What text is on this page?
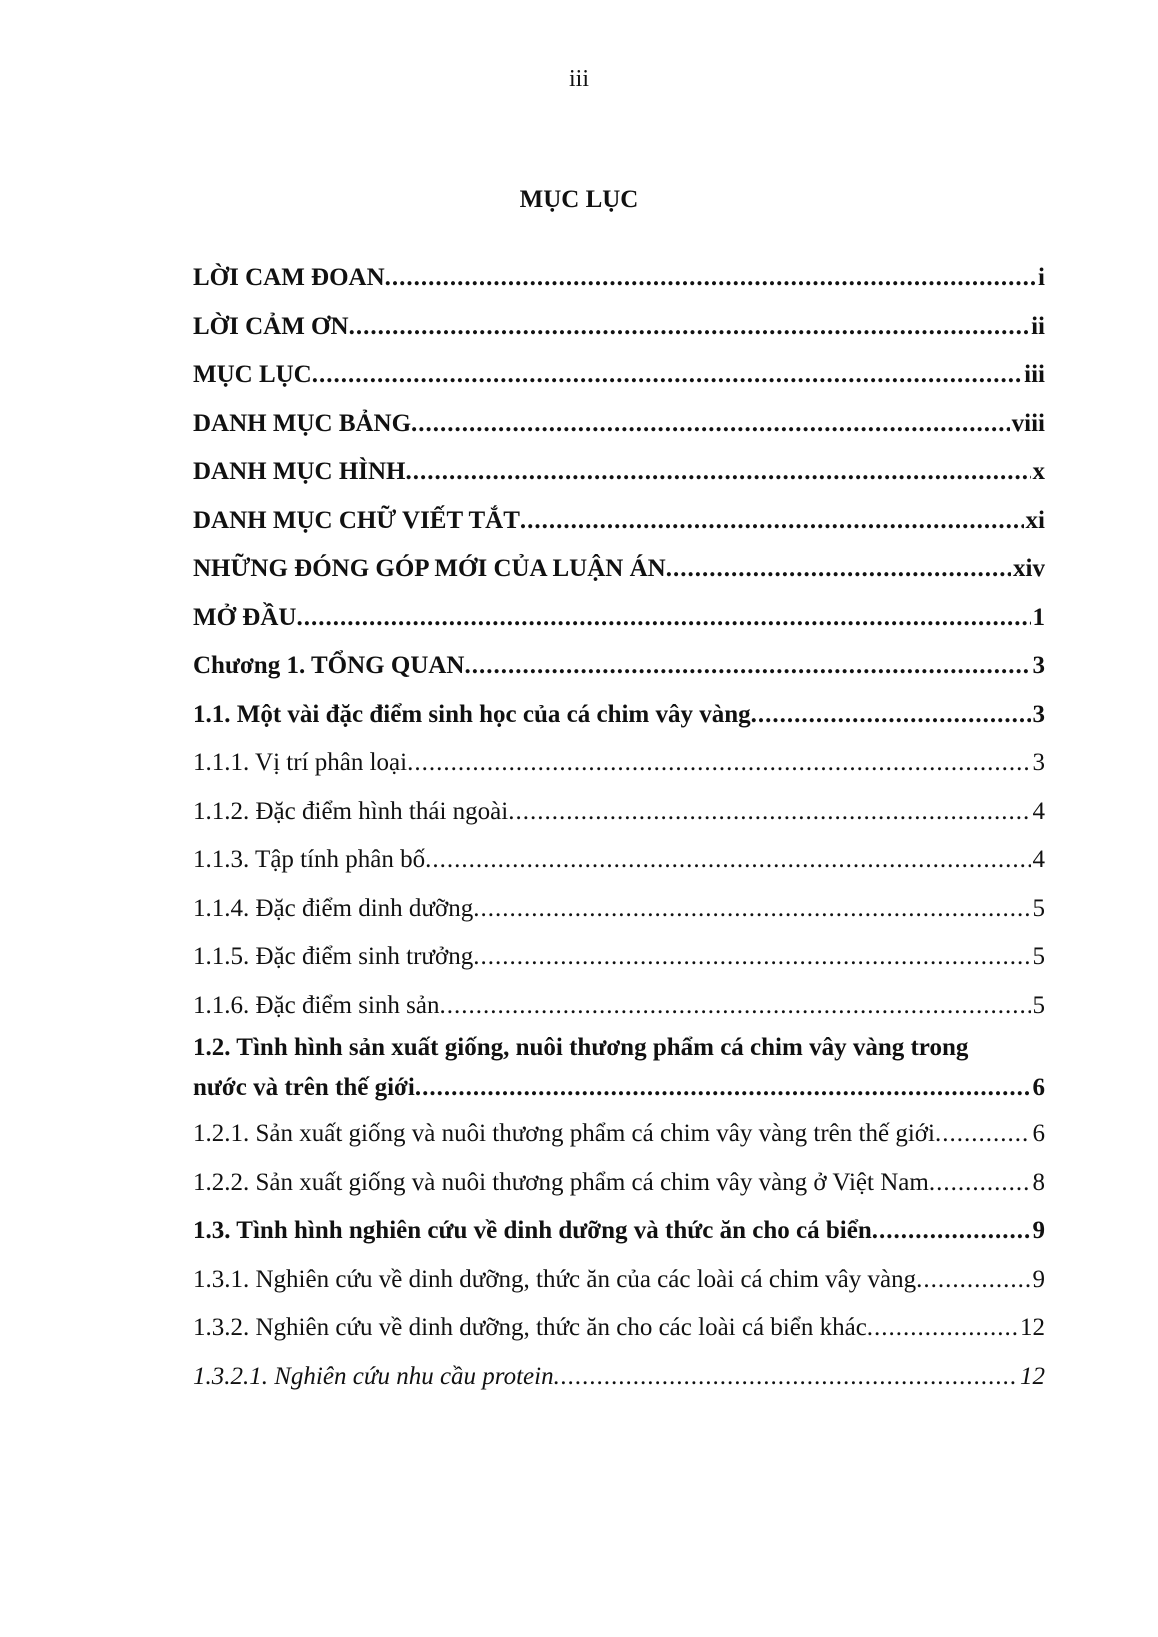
iii
MỤC LỤC
LỜI CAM ĐOAN .....	i
LỜI CẢM ƠN .....	ii
MỤC LỤC .....	iii
DANH MỤC BẢNG .....	viii
DANH MỤC HÌNH .....	x
DANH MỤC CHỮ VIẾT TẮT .....	xi
NHỮNG ĐÓNG GÓP MỚI CỦA LUẬN ÁN .....	xiv
MỞ ĐẦU .....	1
Chương 1. TỔNG QUAN .....	3
1.1. Một vài đặc điểm sinh học của cá chim vây vàng .....	3
1.1.1. Vị trí phân loại .....	3
1.1.2. Đặc điểm hình thái ngoài .....	4
1.1.3. Tập tính phân bố .....	4
1.1.4. Đặc điểm dinh dưỡng .....	5
1.1.5. Đặc điểm sinh trưởng .....	5
1.1.6. Đặc điểm sinh sản .....	5
1.2. Tình hình sản xuất giống, nuôi thương phẩm cá chim vây vàng trong
nước và trên thế giới .....	6
1.2.1. Sản xuất giống và nuôi thương phẩm cá chim vây vàng trên thế giới .....	6
1.2.2. Sản xuất giống và nuôi thương phẩm cá chim vây vàng ở Việt Nam .....	8
1.3. Tình hình nghiên cứu về dinh dưỡng và thức ăn cho cá biển .....	9
1.3.1. Nghiên cứu về dinh dưỡng, thức ăn của các loài cá chim vây vàng .....	9
1.3.2. Nghiên cứu về dinh dưỡng, thức ăn cho các loài cá biển khác .....	12
1.3.2.1. Nghiên cứu nhu cầu protein .....	12
